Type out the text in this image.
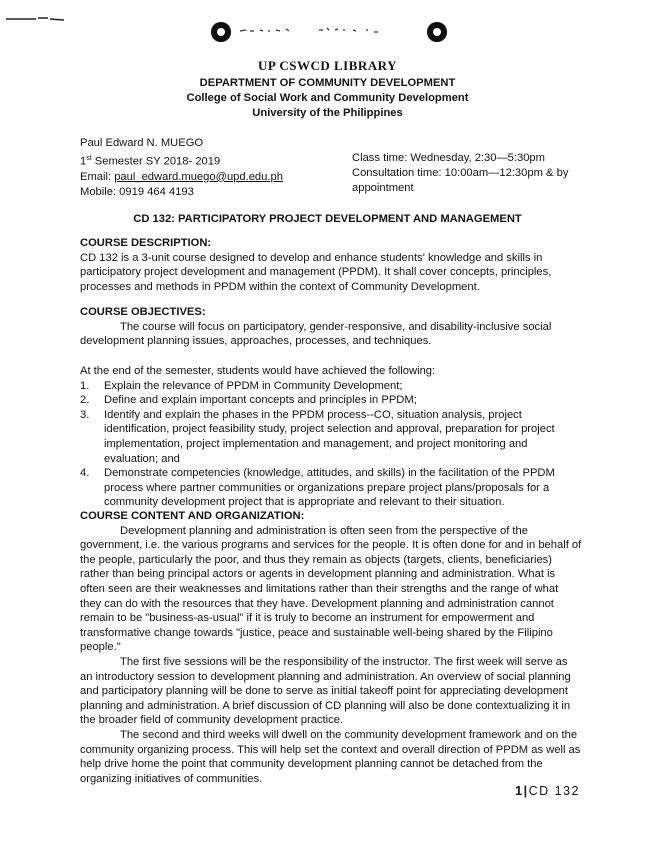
UP CSWCD LIBRARY
DEPARTMENT OF COMMUNITY DEVELOPMENT
College of Social Work and Community Development
University of the Philippines
Paul Edward N. MUEGO
1st Semester SY 2018- 2019
Email: paul_edward.muego@upd.edu.ph
Mobile: 0919 464 4193
Class time: Wednesday, 2:30—5:30pm
Consultation time: 10:00am—12:30pm & by appointment
CD 132: PARTICIPATORY PROJECT DEVELOPMENT AND MANAGEMENT
COURSE DESCRIPTION:

CD 132 is a 3-unit course designed to develop and enhance students' knowledge and skills in participatory project development and management (PPDM). It shall cover concepts, principles, processes and methods in PPDM within the context of Community Development.

COURSE OBJECTIVES:

The course will focus on participatory, gender-responsive, and disability-inclusive social development planning issues, approaches, processes, and techniques.

At the end of the semester, students would have achieved the following:

1. Explain the relevance of PPDM in Community Development;
2. Define and explain important concepts and principles in PPDM;
3. Identify and explain the phases in the PPDM process--CO, situation analysis, project identification, project feasibility study, project selection and approval, preparation for project implementation, project implementation and management, and project monitoring and evaluation; and
4. Demonstrate competencies (knowledge, attitudes, and skills) in the facilitation of the PPDM process where partner communities or organizations prepare project plans/proposals for a community development project that is appropriate and relevant to their situation.
COURSE CONTENT AND ORGANIZATION:

Development planning and administration is often seen from the perspective of the government, i.e. the various programs and services for the people. It is often done for and in behalf of the people, particularly the poor, and thus they remain as objects (targets, clients, beneficiaries) rather than being principal actors or agents in development planning and administration. What is often seen are their weaknesses and limitations rather than their strengths and the range of what they can do with the resources that they have. Development planning and administration cannot remain to be "business-as-usual" if it is truly to become an instrument for empowerment and transformative change towards "justice, peace and sustainable well-being shared by the Filipino people."

The first five sessions will be the responsibility of the instructor. The first week will serve as an introductory session to development planning and administration. An overview of social planning and participatory planning will be done to serve as initial takeoff point for appreciating development planning and administration. A brief discussion of CD planning will also be done contextualizing it in the broader field of community development practice.

The second and third weeks will dwell on the community development framework and on the community organizing process. This will help set the context and overall direction of PPDM as well as help drive home the point that community development planning cannot be detached from the organizing initiatives of communities.

1|CD 132
